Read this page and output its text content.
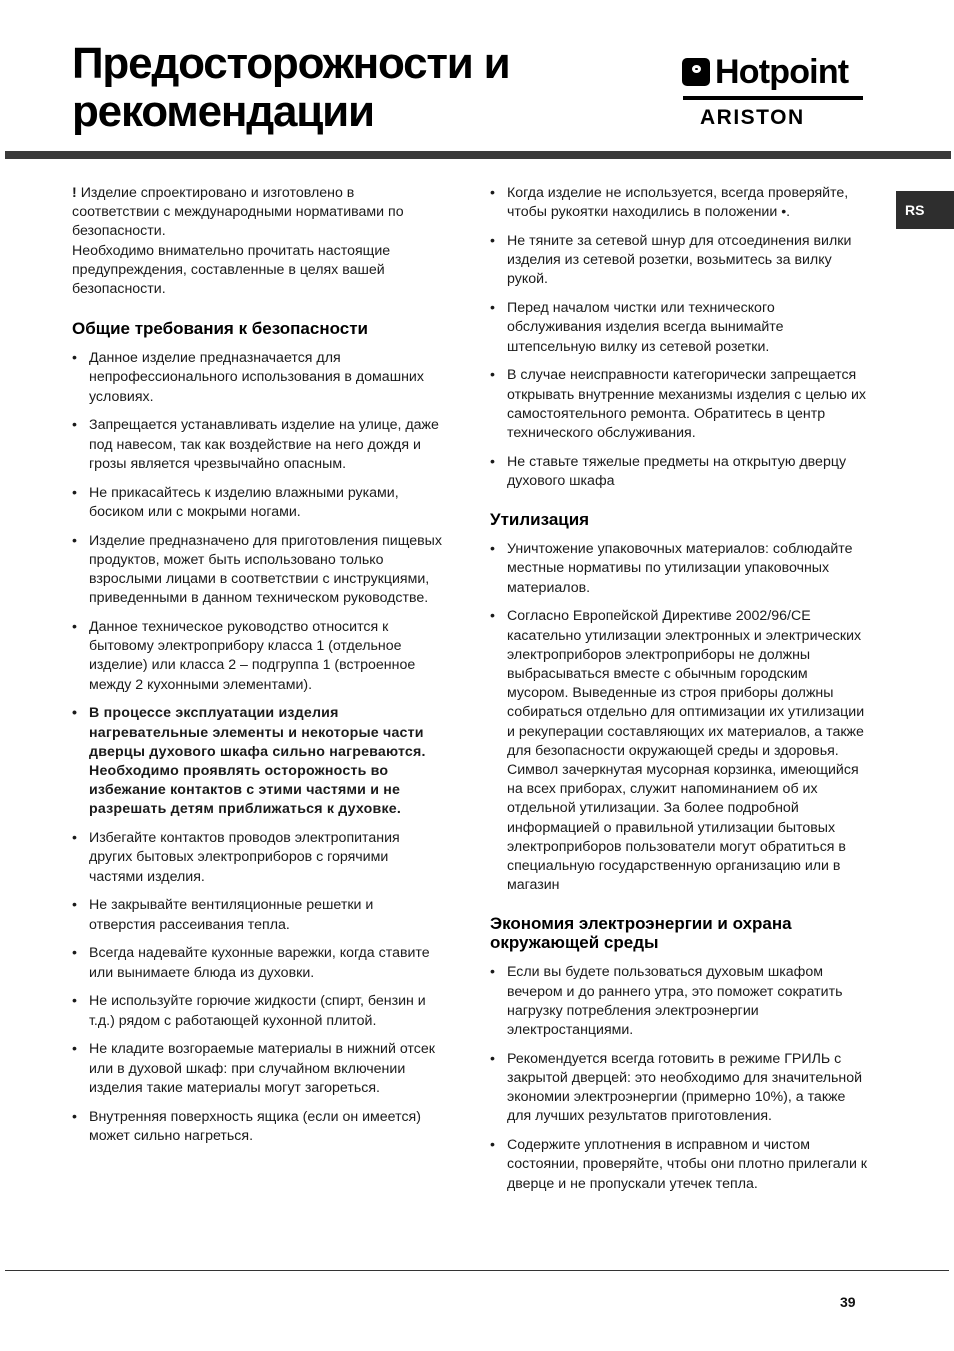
Предосторожности и
рекомендации
Hotpoint
ARISTON
RS

! Изделие спроектировано и изготовлено в соответствии с международными нормативами по безопасности.

Необходимо внимательно прочитать настоящие предупреждения, составленные в целях вашей безопасности.

Общие требования к безопасности
• Данное изделие предназначается для непрофессионального использования в домашних условиях.
• Запрещается устанавливать изделие на улице, даже под навесом, так как воздействие на него дождя и грозы является чрезвычайно опасным.
• Не прикасайтесь к изделию влажными руками, босиком или с мокрыми ногами.
• Изделие предназначено для приготовления пищевых продуктов, может быть использовано только взрослыми лицами в соответствии с инструкциями, приведенными в данном техническом руководстве.
• Данное техническое руководство относится к бытовому электроприбору класса 1 (отдельное изделие) или класса 2 – подгруппа 1 (встроенное между 2 кухонными элементами).
• В процессе эксплуатации изделия нагревательные элементы и некоторые части дверцы духового шкафа сильно нагреваются. Необходимо проявлять осторожность во избежание контактов с этими частями и не разрешать детям приближаться к духовке.
• Избегайте контактов проводов электропитания других бытовых электроприборов с горячими частями изделия.
• Не закрывайте вентиляционные решетки и отверстия рассеивания тепла.
• Всегда надевайте кухонные варежки, когда ставите или вынимаете блюда из духовки.
• Не используйте горючие жидкости (спирт, бензин и т.д.) рядом с работающей кухонной плитой.
• Не кладите возгораемые материалы в нижний отсек или в духовой шкаф: при случайном включении изделия такие материалы могут загореться.
• Внутренняя поверхность ящика (если он имеется) может сильно нагреться.
• Когда изделие не используется, всегда проверяйте, чтобы рукоятки находились в положении •.
• Не тяните за сетевой шнур для отсоединения вилки изделия из сетевой розетки, возьмитесь за вилку рукой.
• Перед началом чистки или технического обслуживания изделия всегда вынимайте штепсельную вилку из сетевой розетки.
• В случае неисправности категорически запрещается открывать внутренние механизмы изделия с целью их самостоятельного ремонта. Обратитесь в центр технического обслуживания.
• Не ставьте тяжелые предметы на открытую дверцу духового шкафа
Утилизация
• Уничтожение упаковочных материалов: соблюдайте местные нормативы по утилизации упаковочных материалов.
• Согласно Европейской Директиве 2002/96/CE касательно утилизации электронных и электрических электроприборов электроприборы не должны выбрасываться вместе с обычным городским мусором. Выведенные из строя приборы должны собираться отдельно для оптимизации их утилизации и рекуперации составляющих их материалов, а также для безопасности окружающей среды и здоровья. Символ зачеркнутая мусорная корзинка, имеющийся на всех приборах, служит напоминанием об их отдельной утилизации. За более подробной информацией о правильной утилизации бытовых электроприборов пользователи могут обратиться в специальную государственную организацию или в магазин
Экономия электроэнергии и охрана окружающей среды
• Если вы будете пользоваться духовым шкафом вечером и до раннего утра, это поможет сократить нагрузку потребления электроэнергии электростанциями.
• Рекомендуется всегда готовить в режиме ГРИЛЬ с закрытой дверцей: это необходимо для значительной экономии электроэнергии (примерно 10%), а также для лучших результатов приготовления.
• Содержите уплотнения в исправном и чистом состоянии, проверяйте, чтобы они плотно прилегали к дверце и не пропускали утечек тепла.
39
